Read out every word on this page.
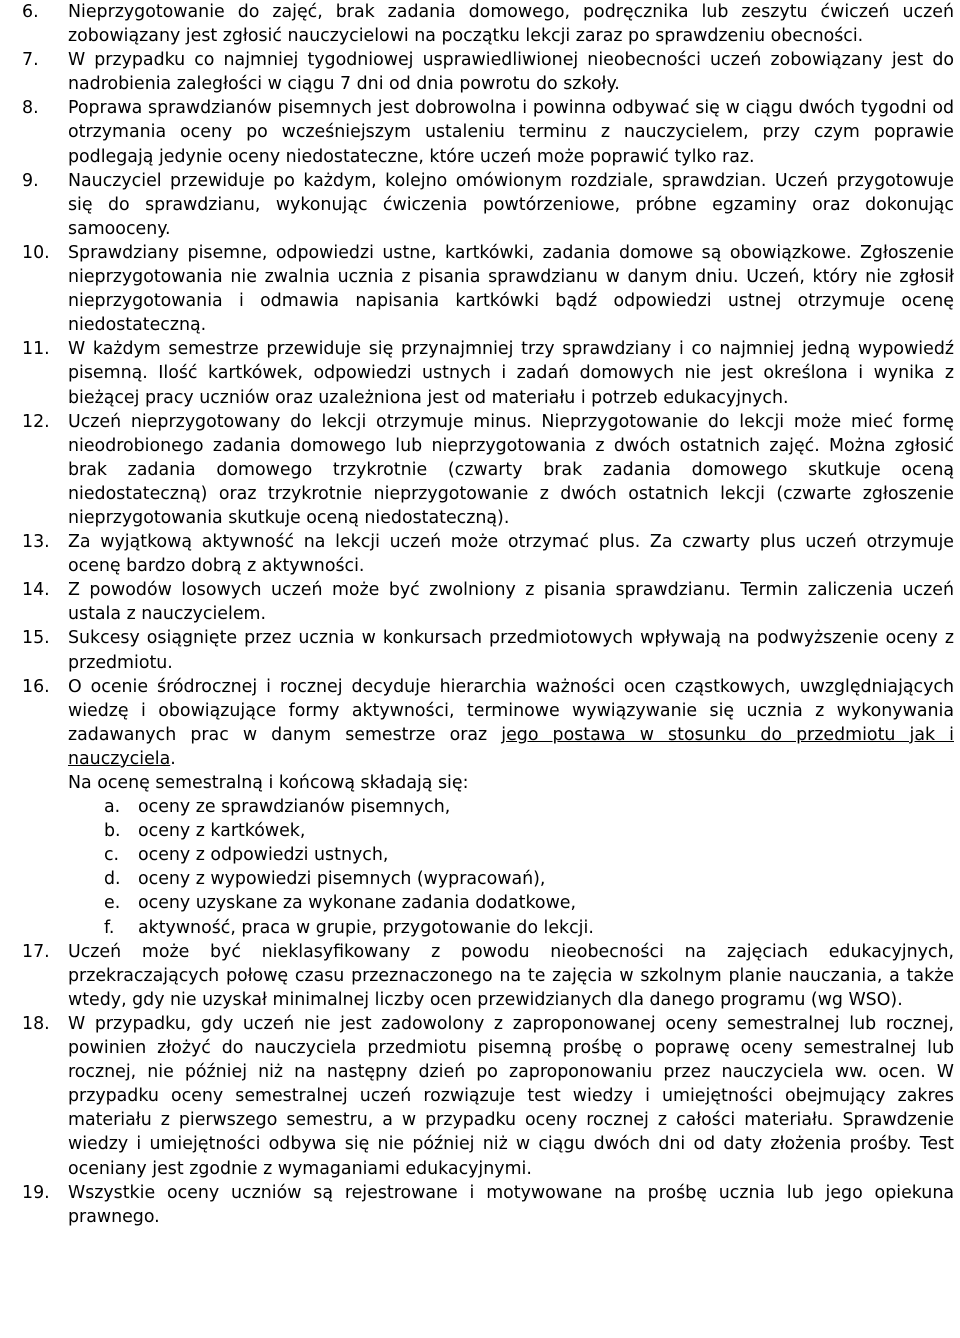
6.	Nieprzygotowanie do zajęć, brak zadania domowego, podręcznika lub zeszytu ćwiczeń uczeń zobowiązany jest zgłosić nauczycielowi na początku lekcji zaraz po sprawdzeniu obecności.
7.	W przypadku co najmniej tygodniowej usprawiedliwionej nieobecności uczeń zobowiązany jest do nadrobienia zaległości w ciągu 7 dni od dnia powrotu do szkoły.
8.	Poprawa sprawdzianów pisemnych jest dobrowolna i powinna odbywać się w ciągu dwóch tygodni od otrzymania oceny po wcześniejszym ustaleniu terminu z nauczycielem, przy czym poprawie podlegają jedynie oceny niedostateczne, które uczeń może poprawić tylko raz.
9.	Nauczyciel przewiduje po każdym, kolejno omówionym rozdziale, sprawdzian. Uczeń przygotowuje się do sprawdzianu, wykonując ćwiczenia powtórzeniowe, próbne egzaminy oraz dokonując samooceny.
10.	Sprawdziany pisemne, odpowiedzi ustne, kartkówki, zadania domowe są obowiązkowe. Zgłoszenie nieprzygotowania nie zwalnia ucznia z pisania sprawdzianu w danym dniu. Uczeń, który nie zgłosił nieprzygotowania i odmawia napisania kartkówki bądź odpowiedzi ustnej otrzymuje ocenę niedostateczną.
11.	W każdym semestrze przewiduje się przynajmniej trzy sprawdziany i co najmniej jedną wypowiedź pisemną. Ilość kartkówek, odpowiedzi ustnych i zadań domowych nie jest określona i wynika z bieżącej pracy uczniów oraz uzależniona jest od materiału i potrzeb edukacyjnych.
12.	Uczeń nieprzygotowany do lekcji otrzymuje minus. Nieprzygotowanie do lekcji może mieć formę nieodrobionego zadania domowego lub nieprzygotowania z dwóch ostatnich zajęć. Można zgłosić brak zadania domowego trzykrotnie (czwarty brak zadania domowego skutkuje oceną niedostateczną) oraz trzykrotnie nieprzygotowanie z dwóch ostatnich lekcji (czwarte zgłoszenie nieprzygotowania skutkuje oceną niedostateczną).
13.	Za wyjątkową aktywność na lekcji uczeń może otrzymać plus. Za czwarty plus uczeń otrzymuje ocenę bardzo dobrą z aktywności.
14.	Z powodów losowych uczeń może być zwolniony z pisania sprawdzianu. Termin zaliczenia uczeń ustala z nauczycielem.
15.	Sukcesy osiągnięte przez ucznia w konkursach przedmiotowych wpływają na podwyższenie oceny z przedmiotu.
16.	O ocenie śródrocznej i rocznej decyduje hierarchia ważności ocen cząstkowych, uwzględniających wiedzę i obowiązujące formy aktywności, terminowe wywiązywanie się ucznia z wykonywania zadawanych prac w danym semestrze oraz jego postawa w stosunku do przedmiotu jak i nauczyciela.

Na ocenę semestralną i końcową składają się:

a.	oceny ze sprawdzianów pisemnych,
b.	oceny z kartkówek,
c.	oceny z odpowiedzi ustnych,
d.	oceny z wypowiedzi pisemnych (wypracowań),
e.	oceny uzyskane za wykonane zadania dodatkowe,
f.	aktywność, praca w grupie, przygotowanie do lekcji.
17.	Uczeń może być nieklasyfikowany z powodu nieobecności na zajęciach edukacyjnych, przekraczających połowę czasu przeznaczonego na te zajęcia w szkolnym planie nauczania, a także wtedy, gdy nie uzyskał minimalnej liczby ocen przewidzianych dla danego programu (wg WSO).
18.	W przypadku, gdy uczeń nie jest zadowolony z zaproponowanej oceny semestralnej lub rocznej, powinien złożyć do nauczyciela przedmiotu pisemną prośbę o poprawę oceny semestralnej lub rocznej, nie później niż na następny dzień po zaproponowaniu przez nauczyciela ww. ocen. W przypadku oceny semestralnej uczeń rozwiązuje test wiedzy i umiejętności obejmujący zakres materiału z pierwszego semestru, a w przypadku oceny rocznej z całości materiału. Sprawdzenie wiedzy i umiejętności odbywa się nie później niż w ciągu dwóch dni od daty złożenia prośby. Test oceniany jest zgodnie z wymaganiami edukacyjnymi.
19.	Wszystkie oceny uczniów są rejestrowane i motywowane na prośbę ucznia lub jego opiekuna prawnego.
